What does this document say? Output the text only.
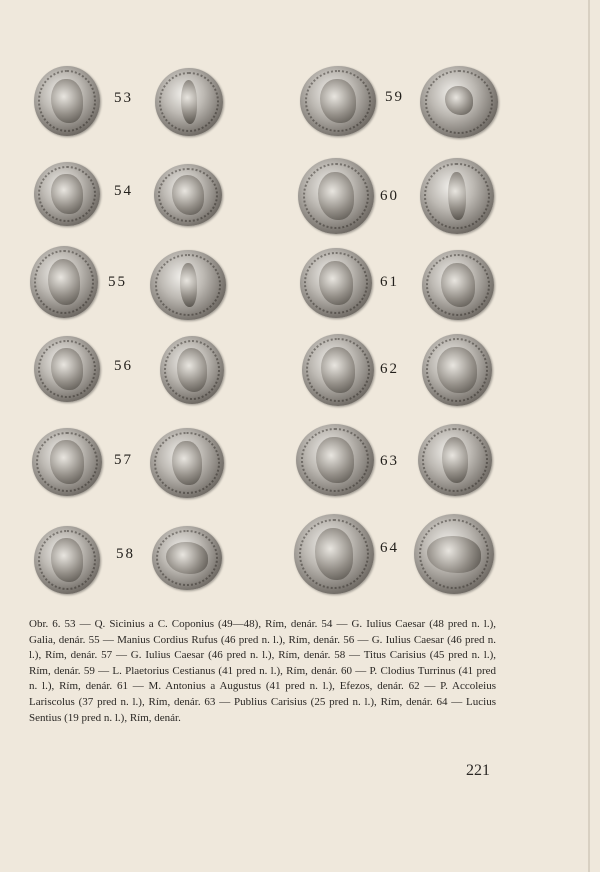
53
54
55
56
57
58
59
60
61
62
63
64

Obr. 6. 53 — Q. Sicinius a C. Coponius (49—48), Rím, denár. 54 — G. Iulius Caesar (48 pred n. l.), Galia, denár. 55 — Manius Cordius Rufus (46 pred n. l.), Rím, denár. 56 — G. Iulius Caesar (46 pred n. l.), Rím, denár. 57 — G. Iulius Caesar (46 pred n. l.), Rím, denár. 58 — Titus Carisius (45 pred n. l.), Rím, denár. 59 — L. Plaetorius Cestianus (41 pred n. l.), Rím, denár. 60 — P. Clodius Turrinus (41 pred n. l.), Rím, denár. 61 — M. Antonius a Augustus (41 pred n. l.), Efezos, denár. 62 — P. Accoleius Lariscolus (37 pred n. l.), Rím, denár. 63 — Publius Carisius (25 pred n. l.), Rím, denár. 64 — Lucius Sentius (19 pred n. l.), Rím, denár.

221
